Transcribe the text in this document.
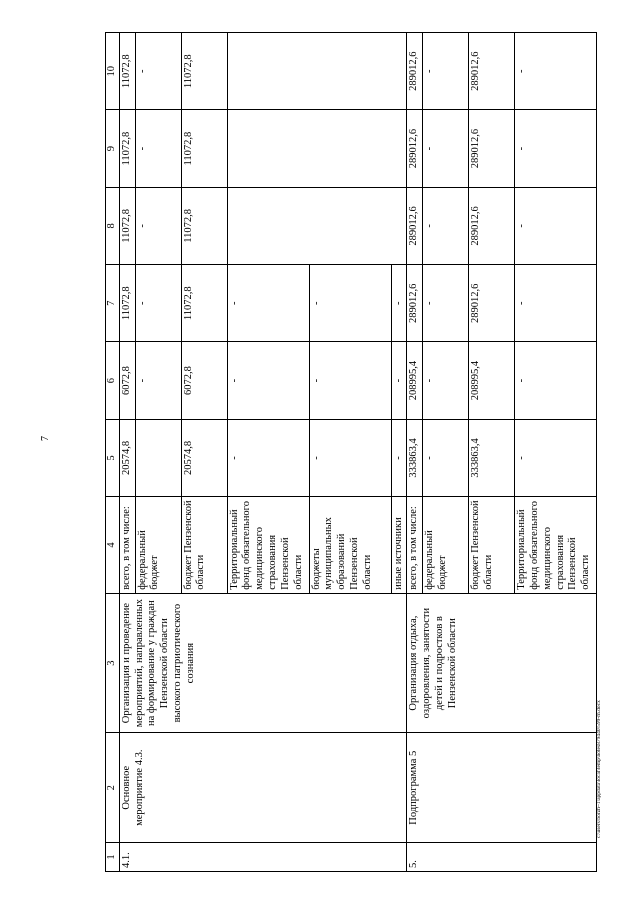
7
1	2	3	4	5	6	7	8	9	10
4.1.	Основное мероприятие 4.3.	Организация и проведение мероприятий, направленных на формирование у граждан Пензенской области высокого патриотического сознания	всего, в том числе:	20574,8	6072,8	11072,8	11072,8	11072,8	11072,8
			федеральный бюджет		-	-	-	-	-
			бюджет Пензенской области	20574,8	6072,8	11072,8	11072,8	11072,8	11072,8
			Территориальный фонд обязательного медицинского страхования Пензенской области	-	-	-			
			бюджеты муниципальных образований Пензенской области	-	-	-			
			иные источники	-	-	-			
5.	Подпрограмма 5	Организация отдыха, оздоровления, занятости детей и подростков в Пензенской области	всего, в том числе:	333863,4	208995,4	289012,6	289012,6	289012,6	289012,6
			федеральный бюджет	-	-	-	-	-	-
			бюджет Пензенской области	333863,4	208995,4	289012,6	289012,6	289012,6	289012,6
			Территориальный фонд обязательного медицинского страхования Пензенской области	-	-	-	-	-	-
c:\users\borzh~1\appdata\local\temp\notes879440\599-rn.docx
